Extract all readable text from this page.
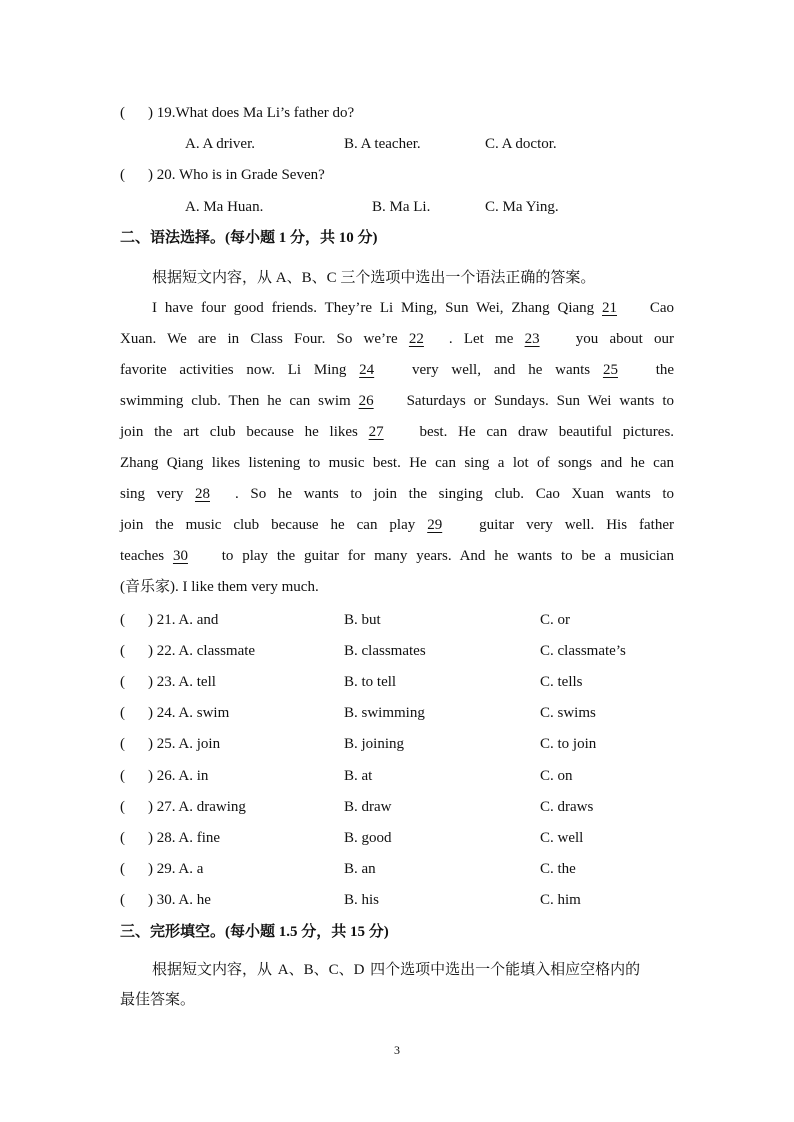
( ) 19.What does Ma Li’s father do?
A. A driver.	B. A teacher.	C. A doctor.
( ) 20. Who is in Grade Seven?
A. Ma Huan.	B. Ma Li.	C. Ma Ying.
二、语法选择。(每小题 1 分，共 10 分)
根据短文内容，从 A、B、C 三个选项中选出一个语法正确的答案。
I have four good friends. They’re Li Ming, Sun Wei, Zhang Qiang 21 Cao
Xuan. We are in Class Four. So we’re 22 . Let me 23 you about our
favorite activities now. Li Ming 24	very well, and he wants 25	the
swimming club. Then he can swim 26 Saturdays or Sundays. Sun Wei wants to
join the art club because he likes 27 best. He can draw beautiful pictures.
Zhang Qiang likes listening to music best. He can sing a lot of songs and he can
sing very 28 . So he wants to join the singing club. Cao Xuan wants to
join the music club because he can play 29 guitar very well. His father
teaches 30 to play the guitar for many years. And he wants to be a musician
(音乐家). I like them very much.
( ) 21. A. and	B. but	C. or
( ) 22. A. classmate	B. classmates	C. classmate’s
( ) 23. A. tell	B. to tell	C. tells
( ) 24. A. swim	B. swimming	C. swims
( ) 25. A. join	B. joining	C. to join
( ) 26. A. in	B. at	C. on
( ) 27. A. drawing	B. draw	C. draws
( ) 28. A. fine	B. good	C. well
( ) 29. A. a	B. an	C. the
( ) 30. A. he	B. his	C. him
三、完形填空。(每小题 1.5 分，共 15 分)
根据短文内容，从 A、B、C、D 四个选项中选出一个能填入相应空格内的
最佳答案。
3
